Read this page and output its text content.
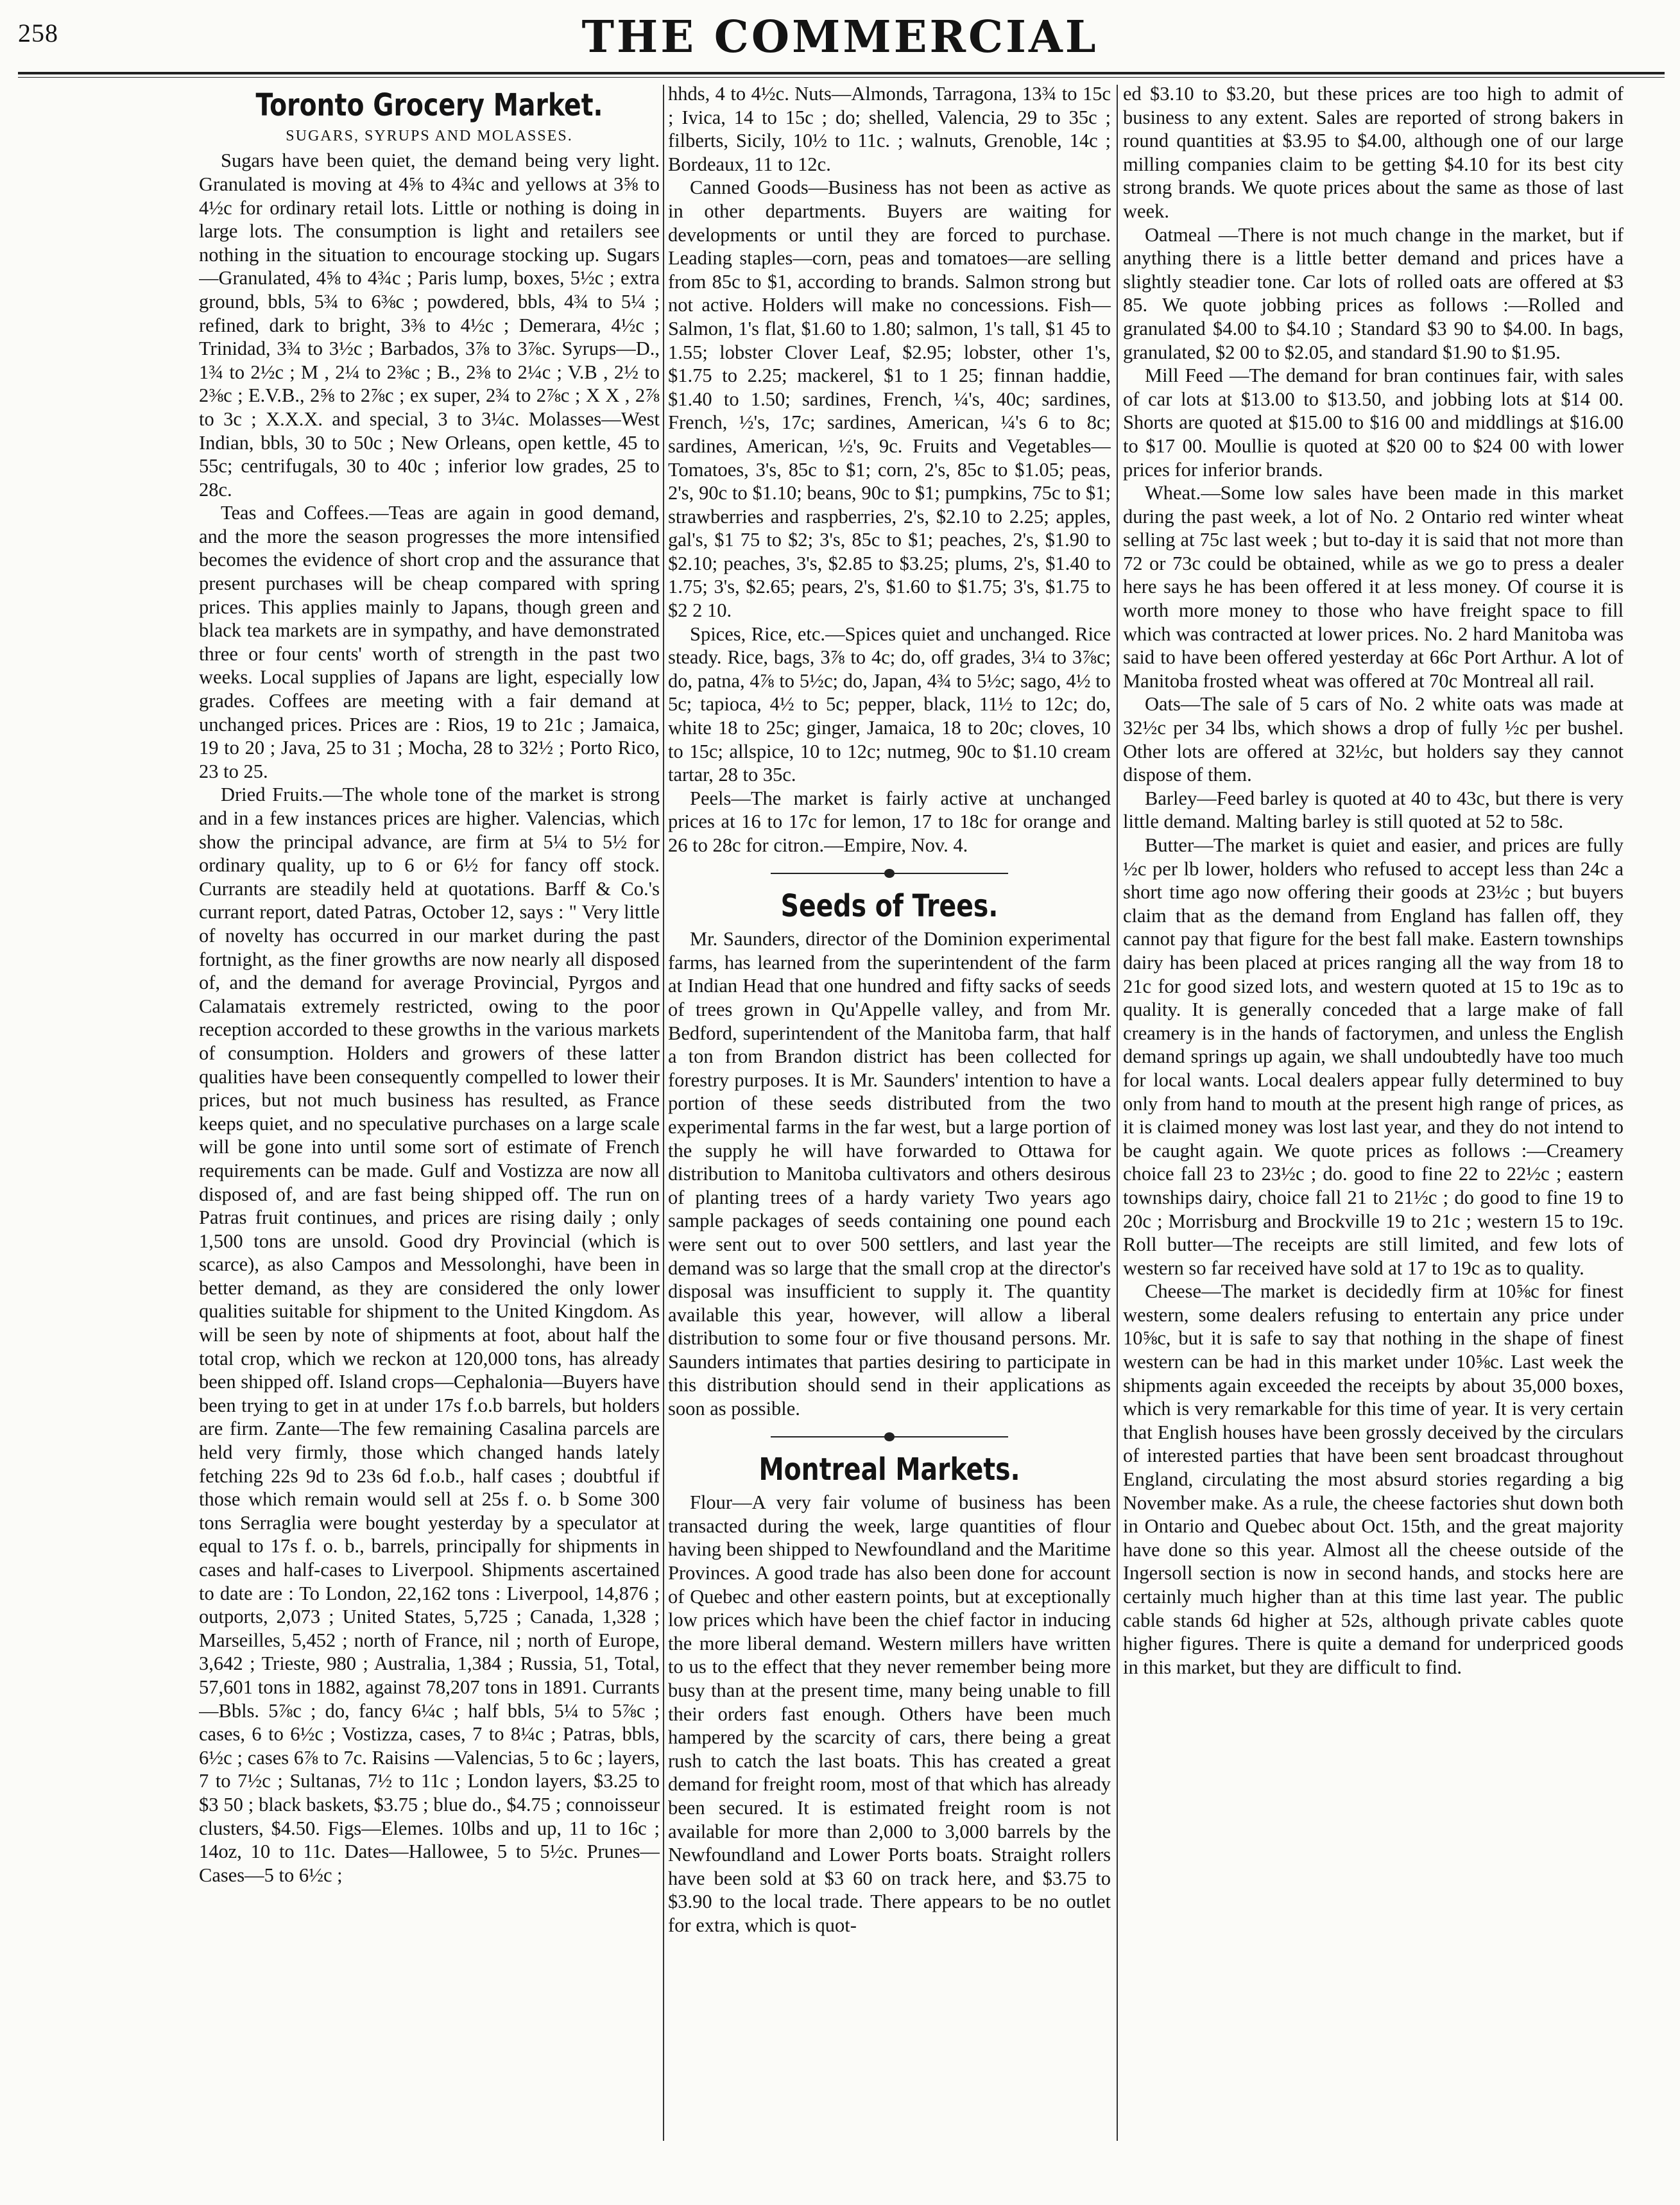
258	THE COMMERCIAL
Toronto Grocery Market.
SUGARS, SYRUPS AND MOLASSES.

Sugars have been quiet, the demand being very light. Granulated is moving at 4⅝ to 4¾c and yellows at 3⅝ to 4½c for ordinary retail lots. Little or nothing is doing in large lots. The consumption is light and retailers see nothing in the situation to encourage stocking up. Sugars—Granulated, 4⅝ to 4¾c ; Paris lump, boxes, 5½c ; extra ground, bbls, 5¾ to 6⅜c ; powdered, bbls, 4¾ to 5¼ ; refined, dark to bright, 3⅜ to 4½c ; Demerara, 4½c ; Trinidad, 3¾ to 3½c ; Barbados, 3⅞ to 3⅞c. Syrups—D., 1¾ to 2½c ; M , 2¼ to 2⅜c ; B., 2⅜ to 2¼c ; V.B , 2½ to 2⅜c ; E.V.B., 2⅝ to 2⅞c ; ex super, 2¾ to 2⅞c ; X X , 2⅞ to 3c ; X.X.X. and special, 3 to 3¼c. Molasses—West Indian, bbls, 30 to 50c ; New Orleans, open kettle, 45 to 55c; centrifugals, 30 to 40c ; inferior low grades, 25 to 28c.

Teas and Coffees.—Teas are again in good demand, and the more the season progresses the more intensified becomes the evidence of short crop and the assurance that present purchases will be cheap compared with spring prices. This applies mainly to Japans, though green and black tea markets are in sympathy, and have demonstrated three or four cents' worth of strength in the past two weeks. Local supplies of Japans are light, especially low grades. Coffees are meeting with a fair demand at unchanged prices. Prices are : Rios, 19 to 21c ; Jamaica, 19 to 20 ; Java, 25 to 31 ; Mocha, 28 to 32½ ; Porto Rico, 23 to 25.

Dried Fruits.—The whole tone of the market is strong and in a few instances prices are higher. Valencias, which show the principal advance, are firm at 5¼ to 5½ for ordinary quality, up to 6 or 6½ for fancy off stock. Currants are steadily held at quotations. Barff & Co.'s currant report, dated Patras, October 12, says : " Very little of novelty has occurred in our market during the past fortnight, as the finer growths are now nearly all disposed of, and the demand for average Provincial, Pyrgos and Calamatais extremely restricted, owing to the poor reception accorded to these growths in the various markets of consumption. Holders and growers of these latter qualities have been consequently compelled to lower their prices, but not much business has resulted, as France keeps quiet, and no speculative purchases on a large scale will be gone into until some sort of estimate of French requirements can be made. Gulf and Vostizza are now all disposed of, and are fast being shipped off. The run on Patras fruit continues, and prices are rising daily ; only 1,500 tons are unsold. Good dry Provincial (which is scarce), as also Campos and Messolonghi, have been in better demand, as they are considered the only lower qualities suitable for shipment to the United Kingdom. As will be seen by note of shipments at foot, about half the total crop, which we reckon at 120,000 tons, has already been shipped off. Island crops—Cephalonia—Buyers have been trying to get in at under 17s f.o.b barrels, but holders are firm. Zante—The few remaining Casalina parcels are held very firmly, those which changed hands lately fetching 22s 9d to 23s 6d f.o.b., half cases ; doubtful if those which remain would sell at 25s f. o. b Some 300 tons Serraglia were bought yesterday by a speculator at equal to 17s f. o. b., barrels, principally for shipments in cases and half-cases to Liverpool. Shipments ascertained to date are : To London, 22,162 tons : Liverpool, 14,876 ; outports, 2,073 ; United States, 5,725 ; Canada, 1,328 ; Marseilles, 5,452 ; north of France, nil ; north of Europe, 3,642 ; Trieste, 980 ; Australia, 1,384 ; Russia, 51, Total, 57,601 tons in 1882, against 78,207 tons in 1891. Currants—Bbls. 5⅞c ; do, fancy 6¼c ; half bbls, 5¼ to 5⅞c ; cases, 6 to 6½c ; Vostizza, cases, 7 to 8¼c ; Patras, bbls, 6½c ; cases 6⅞ to 7c. Raisins —Valencias, 5 to 6c ; layers, 7 to 7½c ; Sultanas, 7½ to 11c ; London layers, $3.25 to $3 50 ; black baskets, $3.75 ; blue do., $4.75 ; connoisseur clusters, $4.50. Figs—Elemes. 10lbs and up, 11 to 16c ; 14oz, 10 to 11c. Dates—Hallowee, 5 to 5½c. Prunes—Cases—5 to 6½c ;

hhds, 4 to 4½c. Nuts—Almonds, Tarragona, 13¾ to 15c ; Ivica, 14 to 15c ; do; shelled, Valencia, 29 to 35c ; filberts, Sicily, 10½ to 11c. ; walnuts, Grenoble, 14c ; Bordeaux, 11 to 12c.

Canned Goods—Business has not been as active as in other departments. Buyers are waiting for developments or until they are forced to purchase. Leading staples—corn, peas and tomatoes—are selling from 85c to $1, according to brands. Salmon strong but not active. Holders will make no concessions. Fish—Salmon, 1's flat, $1.60 to 1.80; salmon, 1's tall, $1 45 to 1.55; lobster Clover Leaf, $2.95; lobster, other 1's, $1.75 to 2.25; mackerel, $1 to 1 25; finnan haddie, $1.40 to 1.50; sardines, French, ¼'s, 40c; sardines, French, ½'s, 17c; sardines, American, ¼'s 6 to 8c; sardines, American, ½'s, 9c. Fruits and Vegetables—Tomatoes, 3's, 85c to $1; corn, 2's, 85c to $1.05; peas, 2's, 90c to $1.10; beans, 90c to $1; pumpkins, 75c to $1; strawberries and raspberries, 2's, $2.10 to 2.25; apples, gal's, $1 75 to $2; 3's, 85c to $1; peaches, 2's, $1.90 to $2.10; peaches, 3's, $2.85 to $3.25; plums, 2's, $1.40 to 1.75; 3's, $2.65; pears, 2's, $1.60 to $1.75; 3's, $1.75 to $2 2 10.

Spices, Rice, etc.—Spices quiet and unchanged. Rice steady. Rice, bags, 3⅞ to 4c; do, off grades, 3¼ to 3⅞c; do, patna, 4⅞ to 5½c; do, Japan, 4¾ to 5½c; sago, 4½ to 5c; tapioca, 4½ to 5c; pepper, black, 11½ to 12c; do, white 18 to 25c; ginger, Jamaica, 18 to 20c; cloves, 10 to 15c; allspice, 10 to 12c; nutmeg, 90c to $1.10 cream tartar, 28 to 35c.

Peels—The market is fairly active at unchanged prices at 16 to 17c for lemon, 17 to 18c for orange and 26 to 28c for citron.—Empire, Nov. 4.

Seeds of Trees.

Mr. Saunders, director of the Dominion experimental farms, has learned from the superintendent of the farm at Indian Head that one hundred and fifty sacks of seeds of trees grown in Qu'Appelle valley, and from Mr. Bedford, superintendent of the Manitoba farm, that half a ton from Brandon district has been collected for forestry purposes. It is Mr. Saunders' intention to have a portion of these seeds distributed from the two experimental farms in the far west, but a large portion of the supply he will have forwarded to Ottawa for distribution to Manitoba cultivators and others desirous of planting trees of a hardy variety Two years ago sample packages of seeds containing one pound each were sent out to over 500 settlers, and last year the demand was so large that the small crop at the director's disposal was insufficient to supply it. The quantity available this year, however, will allow a liberal distribution to some four or five thousand persons. Mr. Saunders intimates that parties desiring to participate in this distribution should send in their applications as soon as possible.

Montreal Markets.

Flour—A very fair volume of business has been transacted during the week, large quantities of flour having been shipped to Newfoundland and the Maritime Provinces. A good trade has also been done for account of Quebec and other eastern points, but at exceptionally low prices which have been the chief factor in inducing the more liberal demand. Western millers have written to us to the effect that they never remember being more busy than at the present time, many being unable to fill their orders fast enough. Others have been much hampered by the scarcity of cars, there being a great rush to catch the last boats. This has created a great demand for freight room, most of that which has already been secured. It is estimated freight room is not available for more than 2,000 to 3,000 barrels by the Newfoundland and Lower Ports boats. Straight rollers have been sold at $3 60 on track here, and $3.75 to $3.90 to the local trade. There appears to be no outlet for extra, which is quot-

ed $3.10 to $3.20, but these prices are too high to admit of business to any extent. Sales are reported of strong bakers in round quantities at $3.95 to $4.00, although one of our large milling companies claim to be getting $4.10 for its best city strong brands. We quote prices about the same as those of last week.

Oatmeal —There is not much change in the market, but if anything there is a little better demand and prices have a slightly steadier tone. Car lots of rolled oats are offered at $3 85. We quote jobbing prices as follows :—Rolled and granulated $4.00 to $4.10 ; Standard $3 90 to $4.00. In bags, granulated, $2 00 to $2.05, and standard $1.90 to $1.95.

Mill Feed —The demand for bran continues fair, with sales of car lots at $13.00 to $13.50, and jobbing lots at $14 00. Shorts are quoted at $15.00 to $16 00 and middlings at $16.00 to $17 00. Moullie is quoted at $20 00 to $24 00 with lower prices for inferior brands.

Wheat.—Some low sales have been made in this market during the past week, a lot of No. 2 Ontario red winter wheat selling at 75c last week ; but to-day it is said that not more than 72 or 73c could be obtained, while as we go to press a dealer here says he has been offered it at less money. Of course it is worth more money to those who have freight space to fill which was contracted at lower prices. No. 2 hard Manitoba was said to have been offered yesterday at 66c Port Arthur. A lot of Manitoba frosted wheat was offered at 70c Montreal all rail.

Oats—The sale of 5 cars of No. 2 white oats was made at 32½c per 34 lbs, which shows a drop of fully ½c per bushel. Other lots are offered at 32½c, but holders say they cannot dispose of them.

Barley—Feed barley is quoted at 40 to 43c, but there is very little demand. Malting barley is still quoted at 52 to 58c.

Butter—The market is quiet and easier, and prices are fully ½c per lb lower, holders who refused to accept less than 24c a short time ago now offering their goods at 23½c ; but buyers claim that as the demand from England has fallen off, they cannot pay that figure for the best fall make. Eastern townships dairy has been placed at prices ranging all the way from 18 to 21c for good sized lots, and western quoted at 15 to 19c as to quality. It is generally conceded that a large make of fall creamery is in the hands of factorymen, and unless the English demand springs up again, we shall undoubtedly have too much for local wants. Local dealers appear fully determined to buy only from hand to mouth at the present high range of prices, as it is claimed money was lost last year, and they do not intend to be caught again. We quote prices as follows :—Creamery choice fall 23 to 23½c ; do. good to fine 22 to 22½c ; eastern townships dairy, choice fall 21 to 21½c ; do good to fine 19 to 20c ; Morrisburg and Brockville 19 to 21c ; western 15 to 19c. Roll butter—The receipts are still limited, and few lots of western so far received have sold at 17 to 19c as to quality.

Cheese—The market is decidedly firm at 10⅝c for finest western, some dealers refusing to entertain any price under 10⅝c, but it is safe to say that nothing in the shape of finest western can be had in this market under 10⅝c. Last week the shipments again exceeded the receipts by about 35,000 boxes, which is very remarkable for this time of year. It is very certain that English houses have been grossly deceived by the circulars of interested parties that have been sent broadcast throughout England, circulating the most absurd stories regarding a big November make. As a rule, the cheese factories shut down both in Ontario and Quebec about Oct. 15th, and the great majority have done so this year. Almost all the cheese outside of the Ingersoll section is now in second hands, and stocks here are certainly much higher than at this time last year. The public cable stands 6d higher at 52s, although private cables quote higher figures. There is quite a demand for underpriced goods in this market, but they are difficult to find.
